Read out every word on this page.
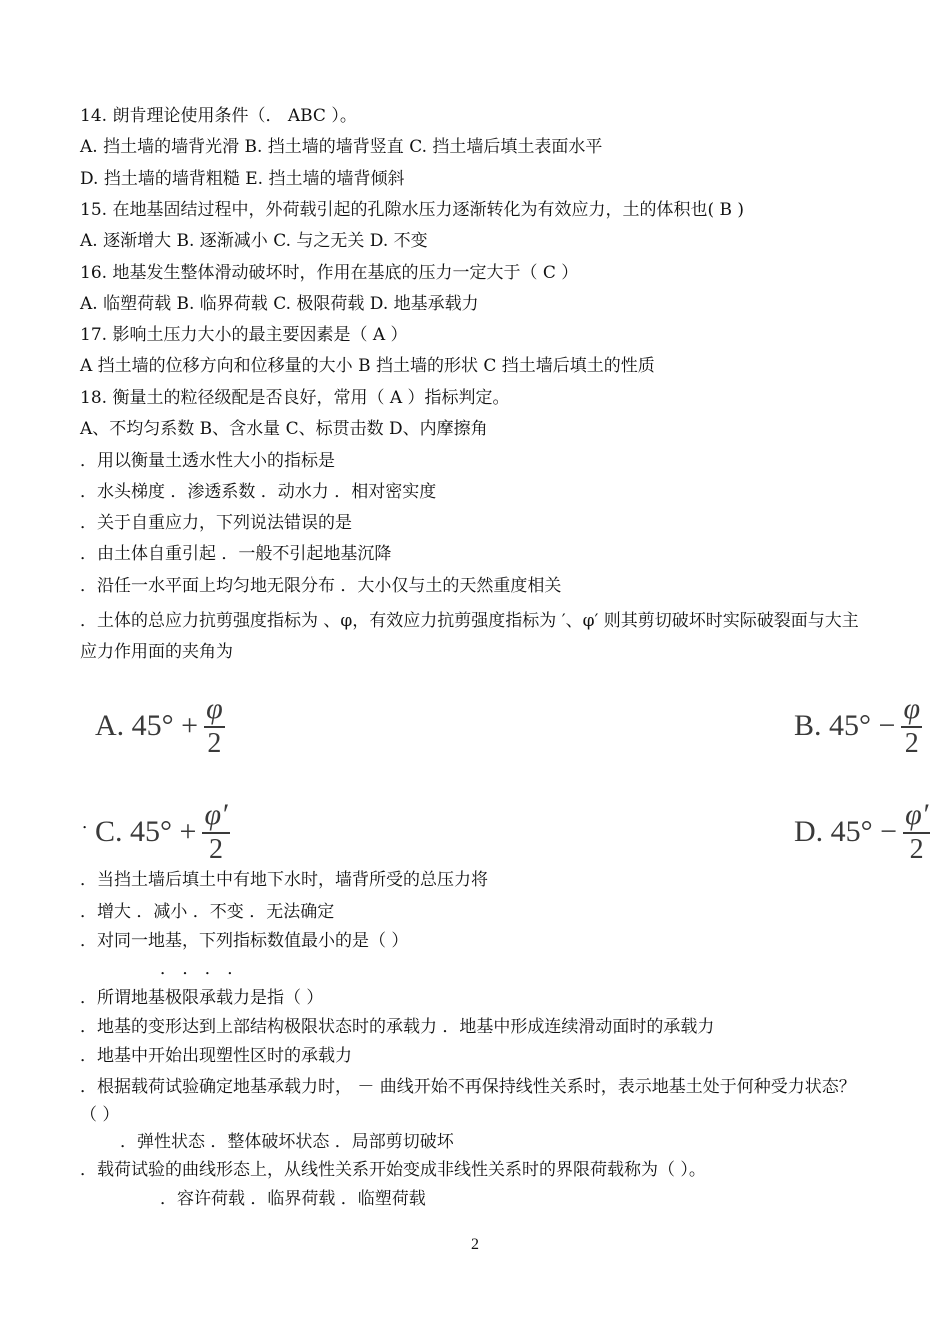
14. 朗肯理论使用条件（． ABC ）。

A. 挡土墙的墙背光滑 B. 挡土墙的墙背竖直 C. 挡土墙后填土表面水平

D. 挡土墙的墙背粗糙 E. 挡土墙的墙背倾斜

15. 在地基固结过程中，外荷载引起的孔隙水压力逐渐转化为有效应力，土的体积也( B )

A. 逐渐增大 B. 逐渐减小 C. 与之无关 D. 不变

16. 地基发生整体滑动破坏时，作用在基底的压力一定大于（ C ）

A. 临塑荷载 B. 临界荷载 C. 极限荷载 D. 地基承载力

17. 影响土压力大小的最主要因素是（ A ）

A 挡土墙的位移方向和位移量的大小 B 挡土墙的形状 C 挡土墙后填土的性质

18. 衡量土的粒径级配是否良好，常用（ A ）指标判定。

A、不均匀系数 B、含水量 C、标贯击数 D、内摩擦角

．用以衡量土透水性大小的指标是

．水头梯度 ．渗透系数 ．动水力 ．相对密实度

．关于自重应力，下列说法错误的是

．由土体自重引起 ．一般不引起地基沉降

．沿任一水平面上均匀地无限分布 ．大小仅与土的天然重度相关

．土体的总应力抗剪强度指标为 、φ，有效应力抗剪强度指标为 ′、φ′ 则其剪切破坏时实际破裂面与大主应力作用面的夹角为

A. $45^\circ + \frac{\varphi}{2}$	B. $45^\circ - \frac{\varphi}{2}$
C. $45^\circ + \frac{\varphi'}{2}$	D. $45^\circ - \frac{\varphi'}{2}$

．

．当挡土墙后填土中有地下水时，墙背所受的总压力将

．增大 ．减小 ．不变 ．无法确定

．对同一地基，下列指标数值最小的是（ ）

． ． ． ．

．所谓地基极限承载力是指（ ）

．地基的变形达到上部结构极限状态时的承载力 ．地基中形成连续滑动面时的承载力

．地基中开始出现塑性区时的承载力

．根据载荷试验确定地基承载力时， － 曲线开始不再保持线性关系时，表示地基土处于何种受力状态？（ ）

．弹性状态 ．整体破坏状态 ．局部剪切破坏

．载荷试验的曲线形态上，从线性关系开始变成非线性关系时的界限荷载称为（ ）。

．容许荷载 ．临界荷载 ．临塑荷载

2
